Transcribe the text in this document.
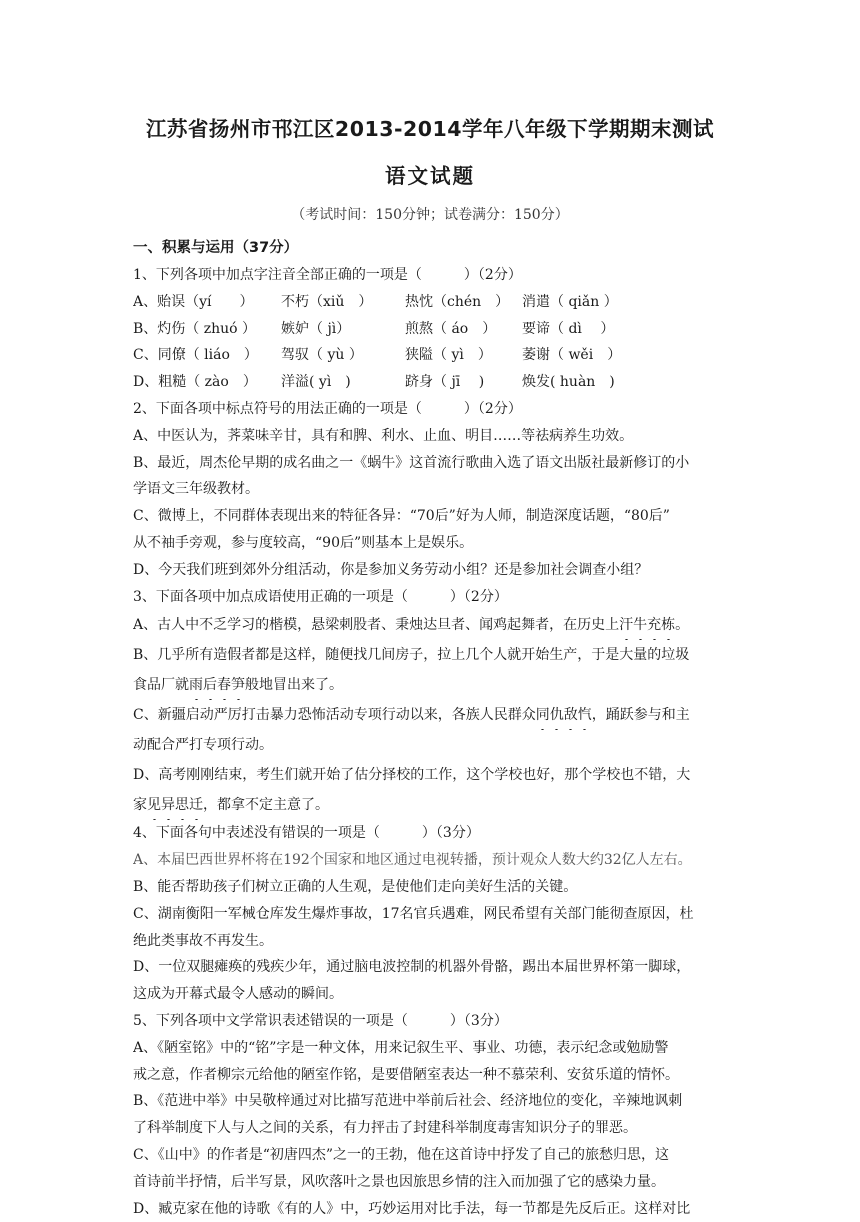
江苏省扬州市邗江区2013-2014学年八年级下学期期末测试
语文试题
（考试时间：150分钟；试卷满分：150分）
一、积累与运用（37分）
1、下列各项中加点字注音全部正确的一项是（　　　）（2分）
A、贻误（yí　　） 不朽（xiǔ　） 热忱（chén　） 消遣（ qiǎn ）
B、灼伤（ zhuó ） 嫉妒（ jì）	煎熬（ áo　） 要谛（ dì　 ）
C、同僚（ liáo　） 驾驭（ yù ）	狭隘（ yì　） 萎谢（ wěi　）
D、粗糙（ zào　） 洋溢( yì　)	跻身（ jī　 )	焕发( huàn　)
2、下面各项中标点符号的用法正确的一项是（　　　）（2分）
A、中医认为，荠菜味辛甘，具有和脾、利水、止血、明目……等祛病养生功效。
B、最近，周杰伦早期的成名曲之一《蜗牛》这首流行歌曲入选了语文出版社最新修订的小
学语文三年级教材。
C、微博上，不同群体表现出来的特征各异：“70后”好为人师，制造深度话题，“80后”
从不袖手旁观，参与度较高，“90后”则基本上是娱乐。
D、今天我们班到郊外分组活动，你是参加义务劳动小组？还是参加社会调查小组？
3、下面各项中加点成语使用正确的一项是（　　　）（2分）
A、古人中不乏学习的楷模，悬梁刺股者、秉烛达旦者、闻鸡起舞者，在历史上汗牛充栋。
B、几乎所有造假者都是这样，随便找几间房子，拉上几个人就开始生产，于是大量的垃圾
食品厂就雨后春笋般地冒出来了。
C、新疆启动严厉打击暴力恐怖活动专项行动以来，各族人民群众同仇敌忾，踊跃参与和主
动配合严打专项行动。
D、高考刚刚结束，考生们就开始了估分择校的工作，这个学校也好，那个学校也不错，大
家见异思迁，都拿不定主意了。
4、下面各句中表述没有错误的一项是（　　　）（3分）
A、本届巴西世界杯将在192个国家和地区通过电视转播，预计观众人数大约32亿人左右。
B、能否帮助孩子们树立正确的人生观，是使他们走向美好生活的关键。
C、湖南衡阳一军械仓库发生爆炸事故，17名官兵遇难，网民希望有关部门能彻查原因，杜
绝此类事故不再发生。
D、一位双腿瘫痪的残疾少年，通过脑电波控制的机器外骨骼，踢出本届世界杯第一脚球，
这成为开幕式最令人感动的瞬间。
5、下列各项中文学常识表述错误的一项是（　　　）（3分）
A、《陋室铭》中的“铭”字是一种文体，用来记叙生平、事业、功德，表示纪念或勉励警
戒之意，作者柳宗元给他的陋室作铭，是要借陋室表达一种不慕荣利、安贫乐道的情怀。
B、《范进中举》中吴敬梓通过对比描写范进中举前后社会、经济地位的变化，辛辣地讽刺
了科举制度下人与人之间的关系，有力抨击了封建科举制度毒害知识分子的罪恶。
C、《山中》的作者是“初唐四杰”之一的王勃，他在这首诗中抒发了自己的旅愁归思，这
首诗前半抒情，后半写景，风吹落叶之景也因旅思乡情的注入而加强了它的感染力量。
D、臧克家在他的诗歌《有的人》中，巧妙运用对比手法，每一节都是先反后正。这样对比
